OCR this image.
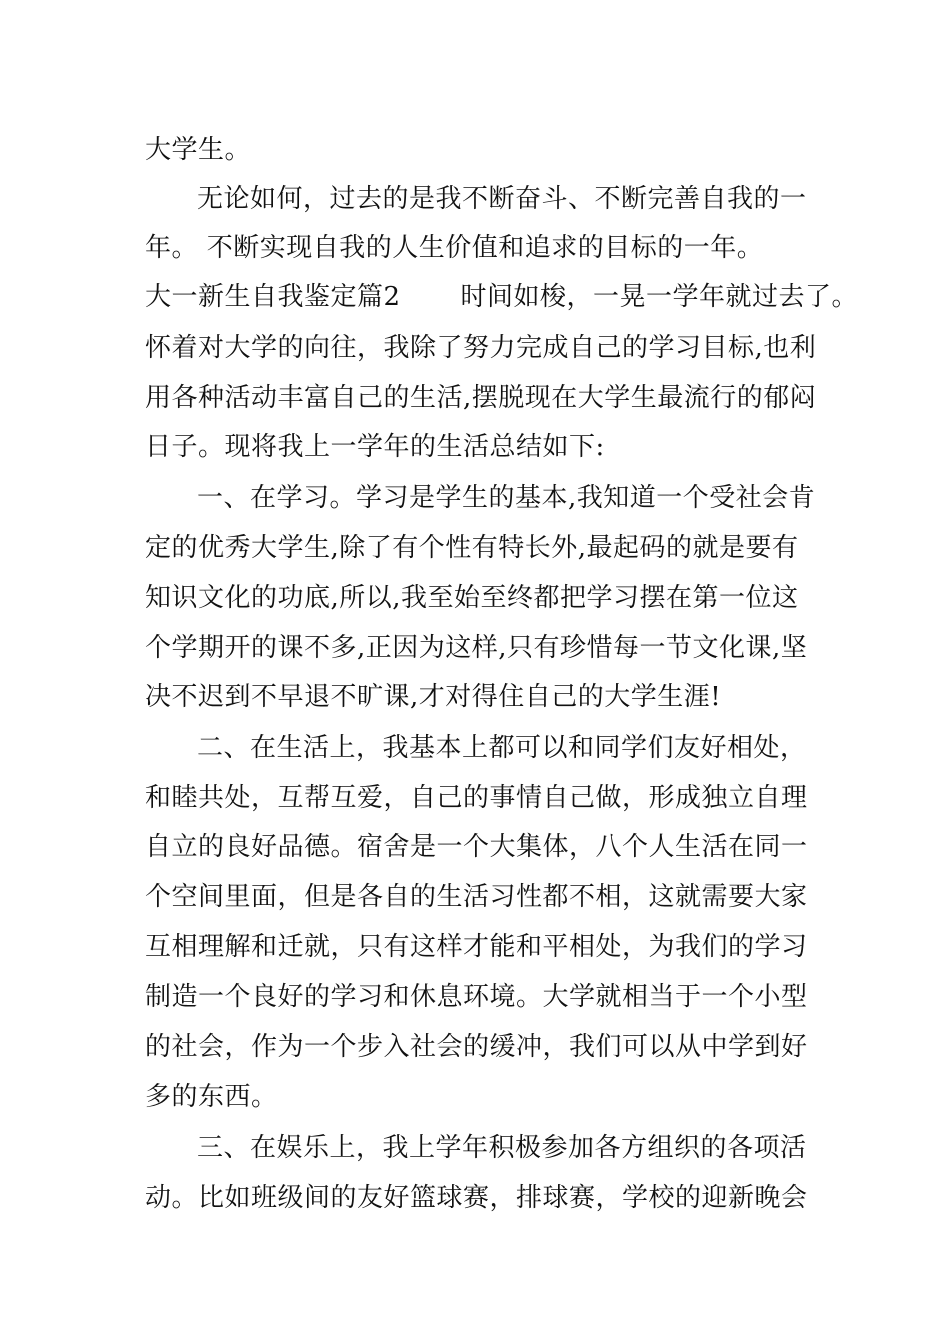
大学生。
无论如何，过去的是我不断奋斗、不断完善自我的一
年。 不断实现自我的人生价值和追求的目标的一年。
大一新生自我鉴定篇2 时间如梭，一晃一学年就过去了。
怀着对大学的向往，我除了努力完成自己的学习目标,也利
用各种活动丰富自己的生活,摆脱现在大学生最流行的郁闷
日子。现将我上一学年的生活总结如下:
一、在学习。学习是学生的基本,我知道一个受社会肯
定的优秀大学生,除了有个性有特长外,最起码的就是要有
知识文化的功底,所以,我至始至终都把学习摆在第一位这
个学期开的课不多,正因为这样,只有珍惜每一节文化课,坚
决不迟到不早退不旷课,才对得住自己的大学生涯!
二、在生活上，我基本上都可以和同学们友好相处，
和睦共处，互帮互爱，自己的事情自己做，形成独立自理
自立的良好品德。宿舍是一个大集体，八个人生活在同一
个空间里面，但是各自的生活习性都不相，这就需要大家
互相理解和迁就，只有这样才能和平相处，为我们的学习
制造一个良好的学习和休息环境。大学就相当于一个小型
的社会，作为一个步入社会的缓冲，我们可以从中学到好
多的东西。
三、在娱乐上，我上学年积极参加各方组织的各项活
动。比如班级间的友好篮球赛，排球赛，学校的迎新晚会
